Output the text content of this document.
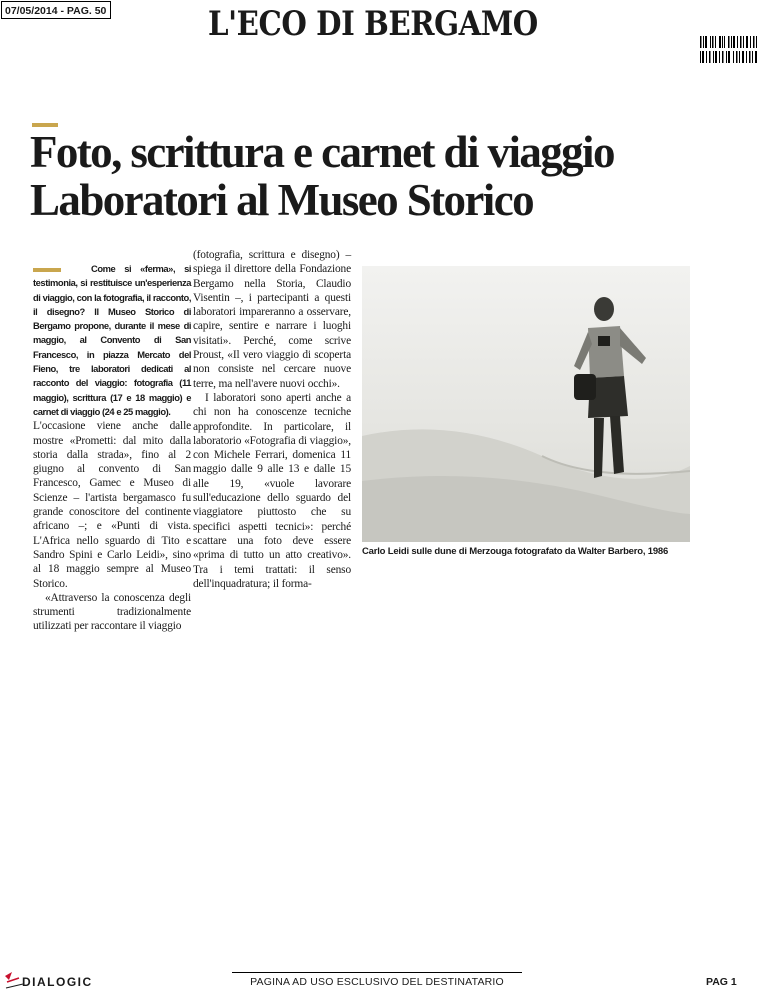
07/05/2014 - PAG. 50	L'ECO DI BERGAMO
Foto, scrittura e carnet di viaggio
Laboratori al Museo Storico

Come si «ferma», si testimonia, si restituisce un'esperienza di viaggio, con la fotografia, il racconto, il disegno? Il Museo Storico di Bergamo propone, durante il mese di maggio, al Convento di San Francesco, in piazza Mercato del Fieno, tre laboratori dedicati al racconto del viaggio: fotografia (11 maggio), scrittura (17 e 18 maggio) e carnet di viaggio (24 e 25 maggio).

L'occasione viene anche dalle mostre «Prometti: dal mito dalla storia dalla strada», fino al 2 giugno al convento di San Francesco, Gamec e Museo di Scienze – l'artista bergamasco fu grande conoscitore del continente africano –; e «Punti di vista. L'Africa nello sguardo di Tito e Sandro Spini e Carlo Leidi», sino al 18 maggio sempre al Museo Storico.

«Attraverso la conoscenza degli strumenti tradizionalmente utilizzati per raccontare il viaggio

(fotografia, scrittura e disegno) – spiega il direttore della Fondazione Bergamo nella Storia, Claudio Visentin –, i partecipanti a questi laboratori impareranno a osservare, capire, sentire e narrare i luoghi visitati». Perché, come scrive Proust, «Il vero viaggio di scoperta non consiste nel cercare nuove terre, ma nell'avere nuovi occhi».

I laboratori sono aperti anche a chi non ha conoscenze tecniche approfondite. In particolare, il laboratorio «Fotografia di viaggio», con Michele Ferrari, domenica 11 maggio dalle 9 alle 13 e dalle 15 alle 19, «vuole lavorare sull'educazione dello sguardo del viaggiatore piuttosto che su specifici aspetti tecnici»: perché scattare una foto deve essere «prima di tutto un atto creativo». Tra i temi trattati: il senso dell'inquadratura; il forma-

Carlo Leidi sulle dune di Merzouga fotografato da Walter Barbero, 1986
DIALOGIC	PAGINA AD USO ESCLUSIVO DEL DESTINATARIO	PAG 1
